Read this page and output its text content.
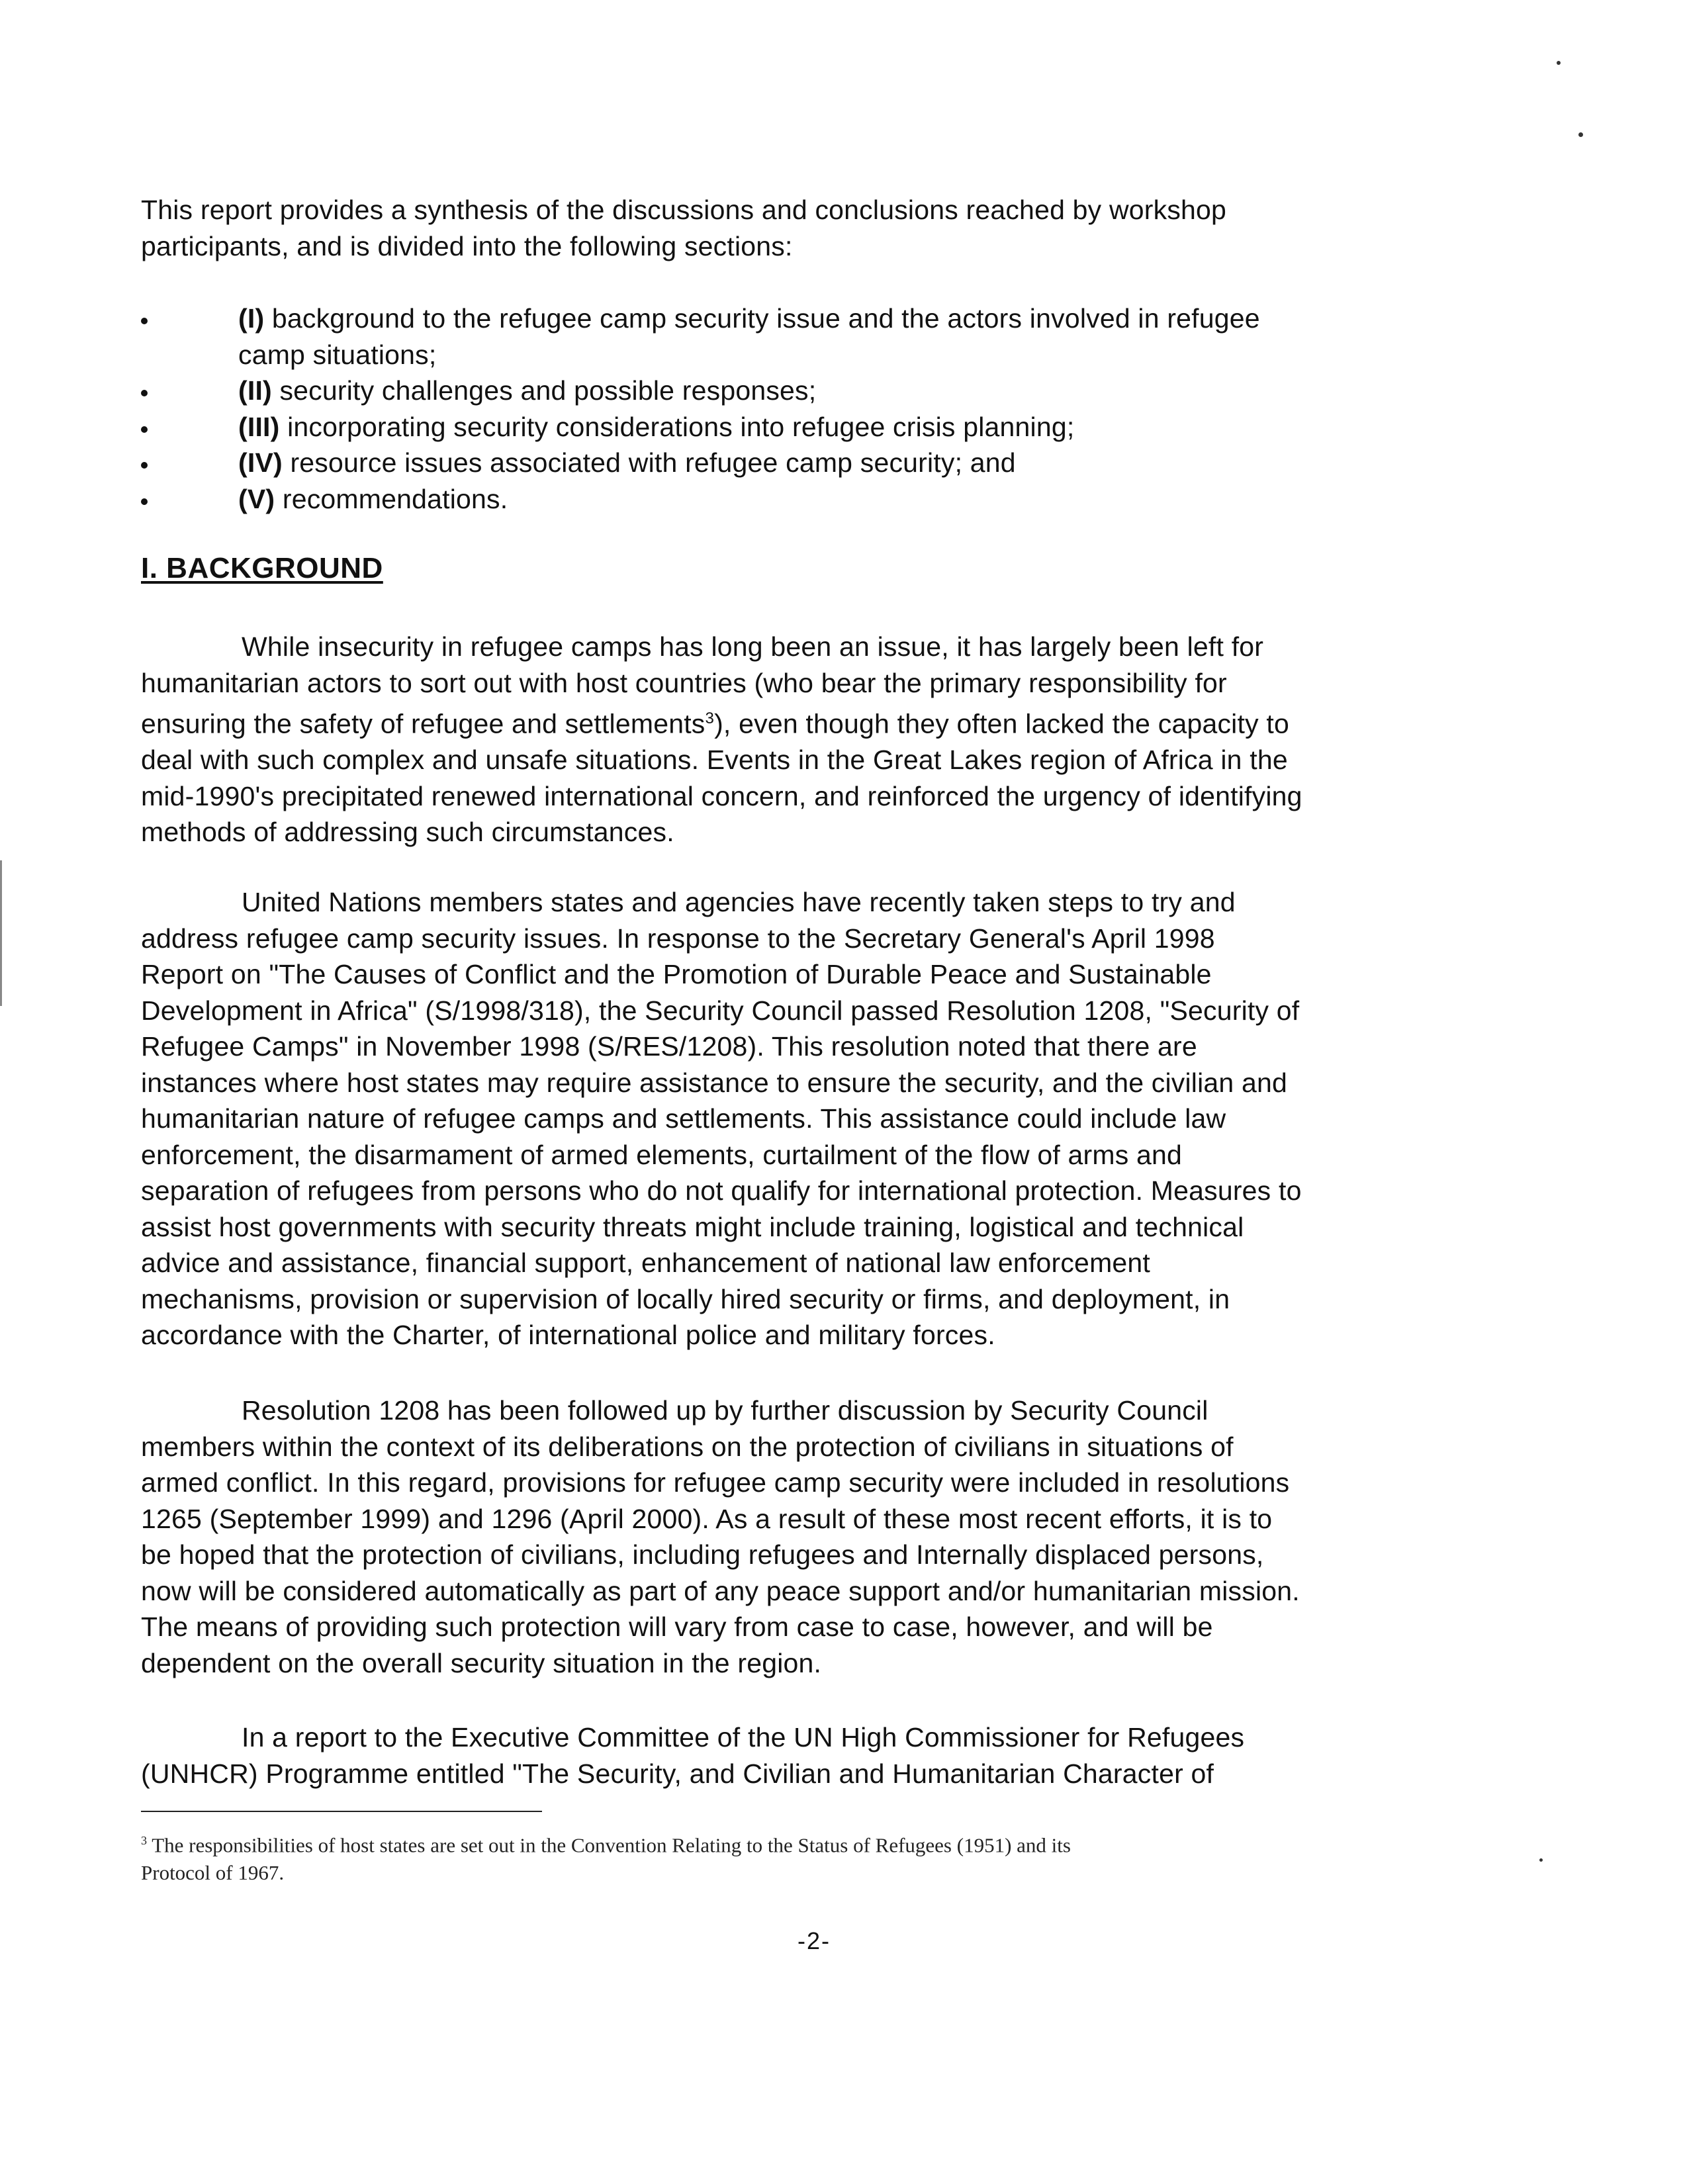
This report provides a synthesis of the discussions and conclusions reached by workshop
participants, and is divided into the following sections:
(I) background to the refugee camp security issue and the actors involved in refugee
camp situations;
(II) security challenges and possible responses;
(III) incorporating security considerations into refugee crisis planning;
(IV) resource issues associated with refugee camp security; and
(V) recommendations.
I. BACKGROUND

While insecurity in refugee camps has long been an issue, it has largely been left for
humanitarian actors to sort out with host countries (who bear the primary responsibility for
ensuring the safety of refugee and settlements$^3$), even though they often lacked the capacity to
deal with such complex and unsafe situations. Events in the Great Lakes region of Africa in the
mid-1990's precipitated renewed international concern, and reinforced the urgency of identifying
methods of addressing such circumstances.

United Nations members states and agencies have recently taken steps to try and
address refugee camp security issues. In response to the Secretary General's April 1998
Report on "The Causes of Conflict and the Promotion of Durable Peace and Sustainable
Development in Africa" (S/1998/318), the Security Council passed Resolution 1208, "Security of
Refugee Camps" in November 1998 (S/RES/1208). This resolution noted that there are
instances where host states may require assistance to ensure the security, and the civilian and
humanitarian nature of refugee camps and settlements. This assistance could include law
enforcement, the disarmament of armed elements, curtailment of the flow of arms and
separation of refugees from persons who do not qualify for international protection. Measures to
assist host governments with security threats might include training, logistical and technical
advice and assistance, financial support, enhancement of national law enforcement
mechanisms, provision or supervision of locally hired security or firms, and deployment, in
accordance with the Charter, of international police and military forces.

Resolution 1208 has been followed up by further discussion by Security Council
members within the context of its deliberations on the protection of civilians in situations of
armed conflict. In this regard, provisions for refugee camp security were included in resolutions
1265 (September 1999) and 1296 (April 2000). As a result of these most recent efforts, it is to
be hoped that the protection of civilians, including refugees and Internally displaced persons,
now will be considered automatically as part of any peace support and/or humanitarian mission.
The means of providing such protection will vary from case to case, however, and will be
dependent on the overall security situation in the region.

In a report to the Executive Committee of the UN High Commissioner for Refugees
(UNHCR) Programme entitled "The Security, and Civilian and Humanitarian Character of

$^3$ The responsibilities of host states are set out in the Convention Relating to the Status of Refugees (1951) and its
Protocol of 1967.
-2-
